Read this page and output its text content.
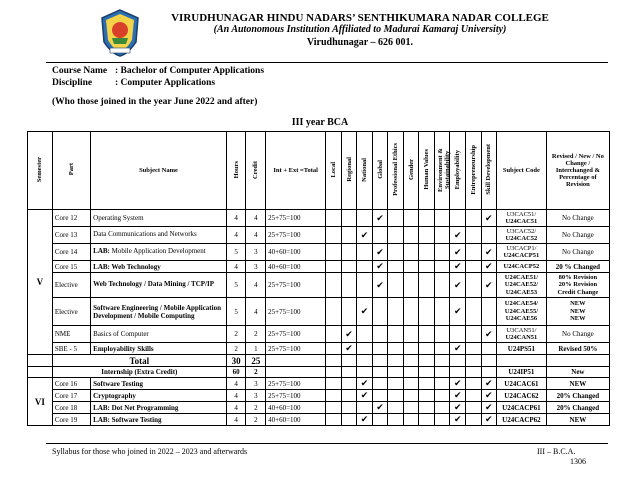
VIRUDHUNAGAR HINDU NADARS’ SENTHIKUMARA NADAR COLLEGE
(An Autonomous Institution Affiliated to Madurai Kamaraj University)
Virudhunagar – 626 001.
Course Name : Bachelor of Computer Applications
Discipline : Computer Applications
(Who those joined in the year June 2022 and after)
III year BCA
Semester	Part	Subject Name	Hours	Credit	Int + Ext =Total	Local	Regional	National	Global	Professional Ethics	Gender	Human Values	Environment & Sustainability	Employability	Entrepreneurship	Skill Development	Subject Code	Revised / New / No Change / Interchanged & Percentage of Revision
V	Core 12	Operating System	4	4	25+75=100				✔							✔	U3CAC51/
U24CAC51	No Change
	Core 13	Data Communications and Networks	4	4	25+75=100			✔						✔			U3CAC52/
U24CAC52	No Change
	Core 14	LAB: Mobile Application Development	5	3	40+60=100				✔					✔		✔	U3CACP1/
U24CACP51	No Change
	Core 15	LAB: Web Technology	4	3	40+60=100				✔					✔		✔	U24CACP52	20 % Changed
	Elective	Web Technology / Data Mining / TCP/IP	5	4	25+75=100				✔					✔		✔	U24CAE51/
U24CAE52/
U24CAE53	80% Revision
20% Revision
Credit Change
	Elective	Software Engineering / Mobile Application Development / Mobile Computing	5	4	25+75=100			✔						✔			U24CAE54/
U24CAE55/
U24CAE56	NEW
NEW
NEW
	NME	Basics of Computer	2	2	25+75=100		✔									✔	U3CAN51/
U24CAN51	No Change
	SBE - 5	Employability Skills	2	1	25+75=100		✔							✔			U24PS51	Revised 50%
	Total		30	25														
	Internship (Extra Credit)		60	2													U24IP51	New
VI	Core 16	Software Testing	4	3	25+75=100			✔						✔		✔	U24CAC61	NEW
	Core 17	Cryptography	4	3	25+75=100			✔						✔		✔	U24CAC62	20% Changed
	Core 18	LAB: Dot Net Programming	4	2	40+60=100				✔					✔		✔	U24CACP61	20% Changed
	Core 19	LAB: Software Testing	4	2	40+60=100			✔						✔		✔	U24CACP62	NEW
Syllabus for those who joined in 2022 – 2023 and afterwards	III – B.C.A.
1306
